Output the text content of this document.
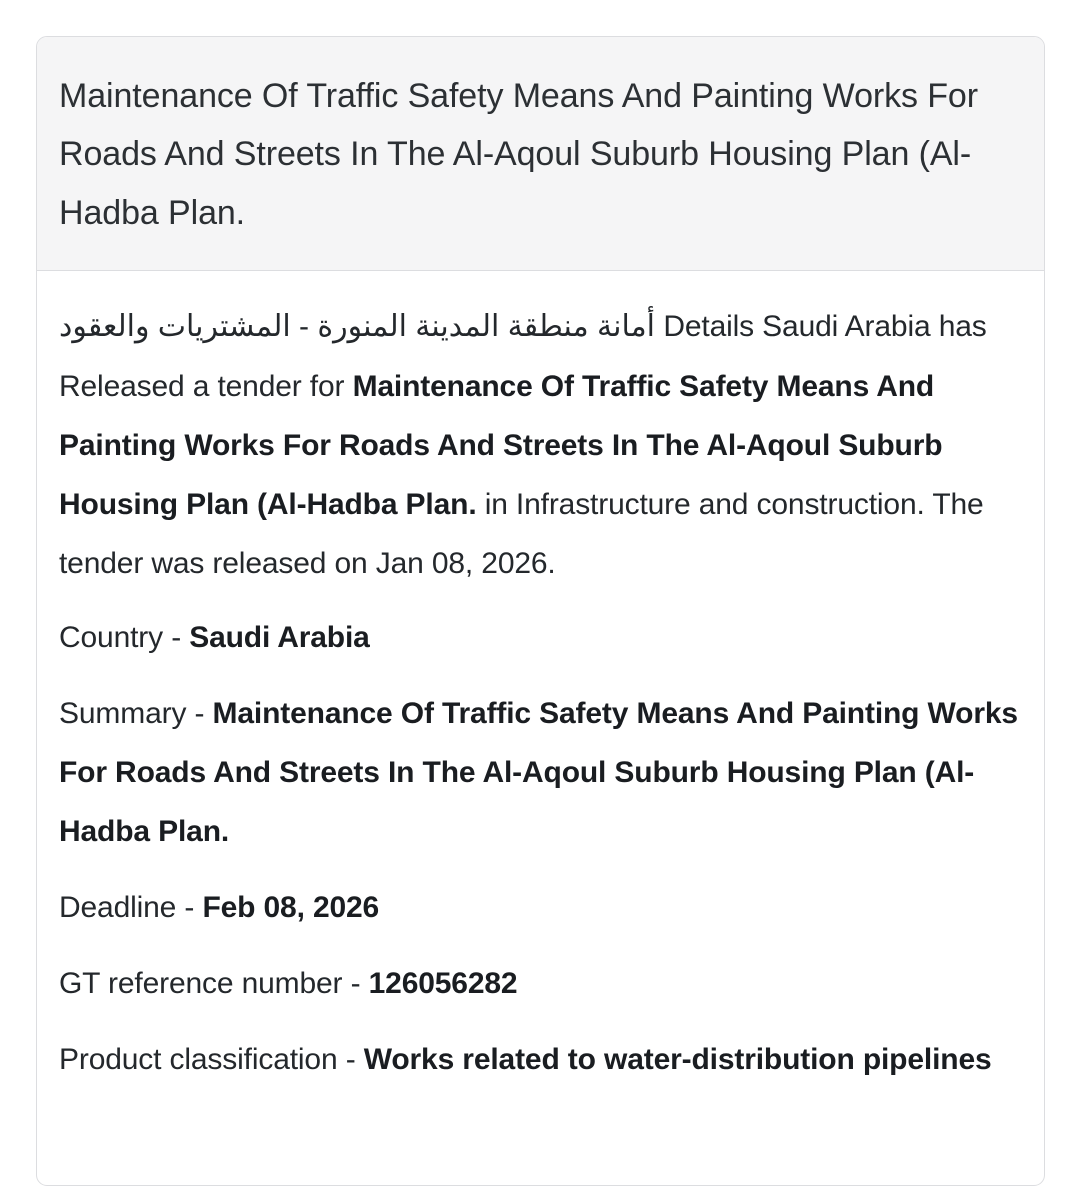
Maintenance Of Traffic Safety Means And Painting Works For Roads And Streets In The Al-Aqoul Suburb Housing Plan (Al-Hadba Plan.

أمانة منطقة المدينة المنورة - المشتريات والعقود Details Saudi Arabia has Released a tender for Maintenance Of Traffic Safety Means And Painting Works For Roads And Streets In The Al-Aqoul Suburb Housing Plan (Al-Hadba Plan. in Infrastructure and construction. The tender was released on Jan 08, 2026.

Country - Saudi Arabia

Summary - Maintenance Of Traffic Safety Means And Painting Works For Roads And Streets In The Al-Aqoul Suburb Housing Plan (Al-Hadba Plan.

Deadline - Feb 08, 2026

GT reference number - 126056282

Product classification - Works related to water-distribution pipelines
